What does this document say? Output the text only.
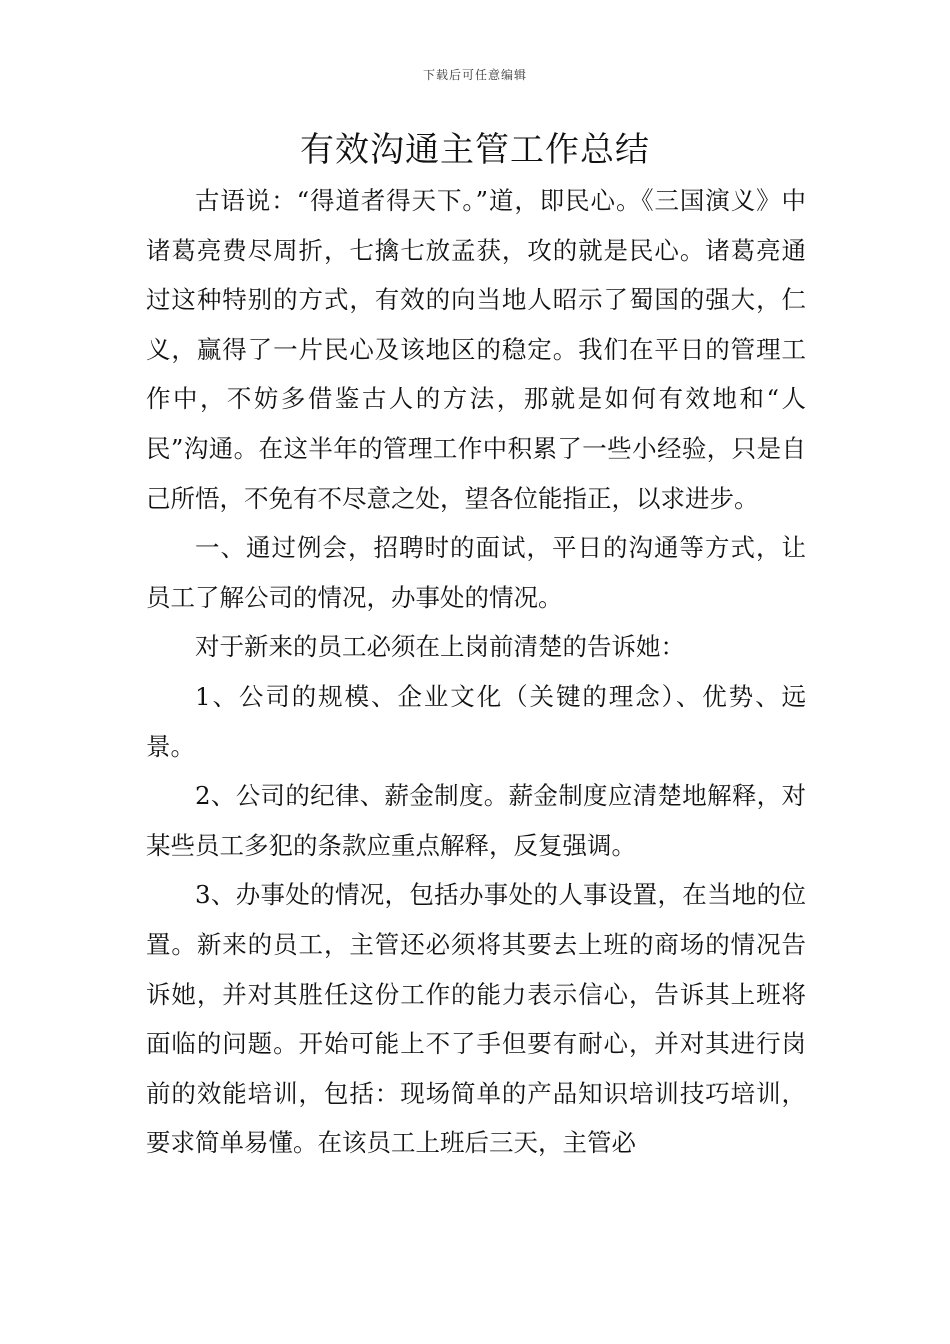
下载后可任意编辑
有效沟通主管工作总结

古语说：“得道者得天下。”道，即民心。《三国演义》中诸葛亮费尽周折，七擒七放孟获，攻的就是民心。诸葛亮通过这种特别的方式，有效的向当地人昭示了蜀国的强大，仁义，赢得了一片民心及该地区的稳定。我们在平日的管理工作中，不妨多借鉴古人的方法，那就是如何有效地和“人民”沟通。在这半年的管理工作中积累了一些小经验，只是自己所悟，不免有不尽意之处，望各位能指正，以求进步。

一、通过例会，招聘时的面试，平日的沟通等方式，让员工了解公司的情况，办事处的情况。

对于新来的员工必须在上岗前清楚的告诉她：

1、公司的规模、企业文化（关键的理念）、优势、远景。

2、公司的纪律、薪金制度。薪金制度应清楚地解释，对某些员工多犯的条款应重点解释，反复强调。

3、办事处的情况，包括办事处的人事设置，在当地的位置。新来的员工，主管还必须将其要去上班的商场的情况告诉她，并对其胜任这份工作的能力表示信心，告诉其上班将面临的问题。开始可能上不了手但要有耐心，并对其进行岗前的效能培训，包括：现场简单的产品知识培训技巧培训，要求简单易懂。在该员工上班后三天，主管必
